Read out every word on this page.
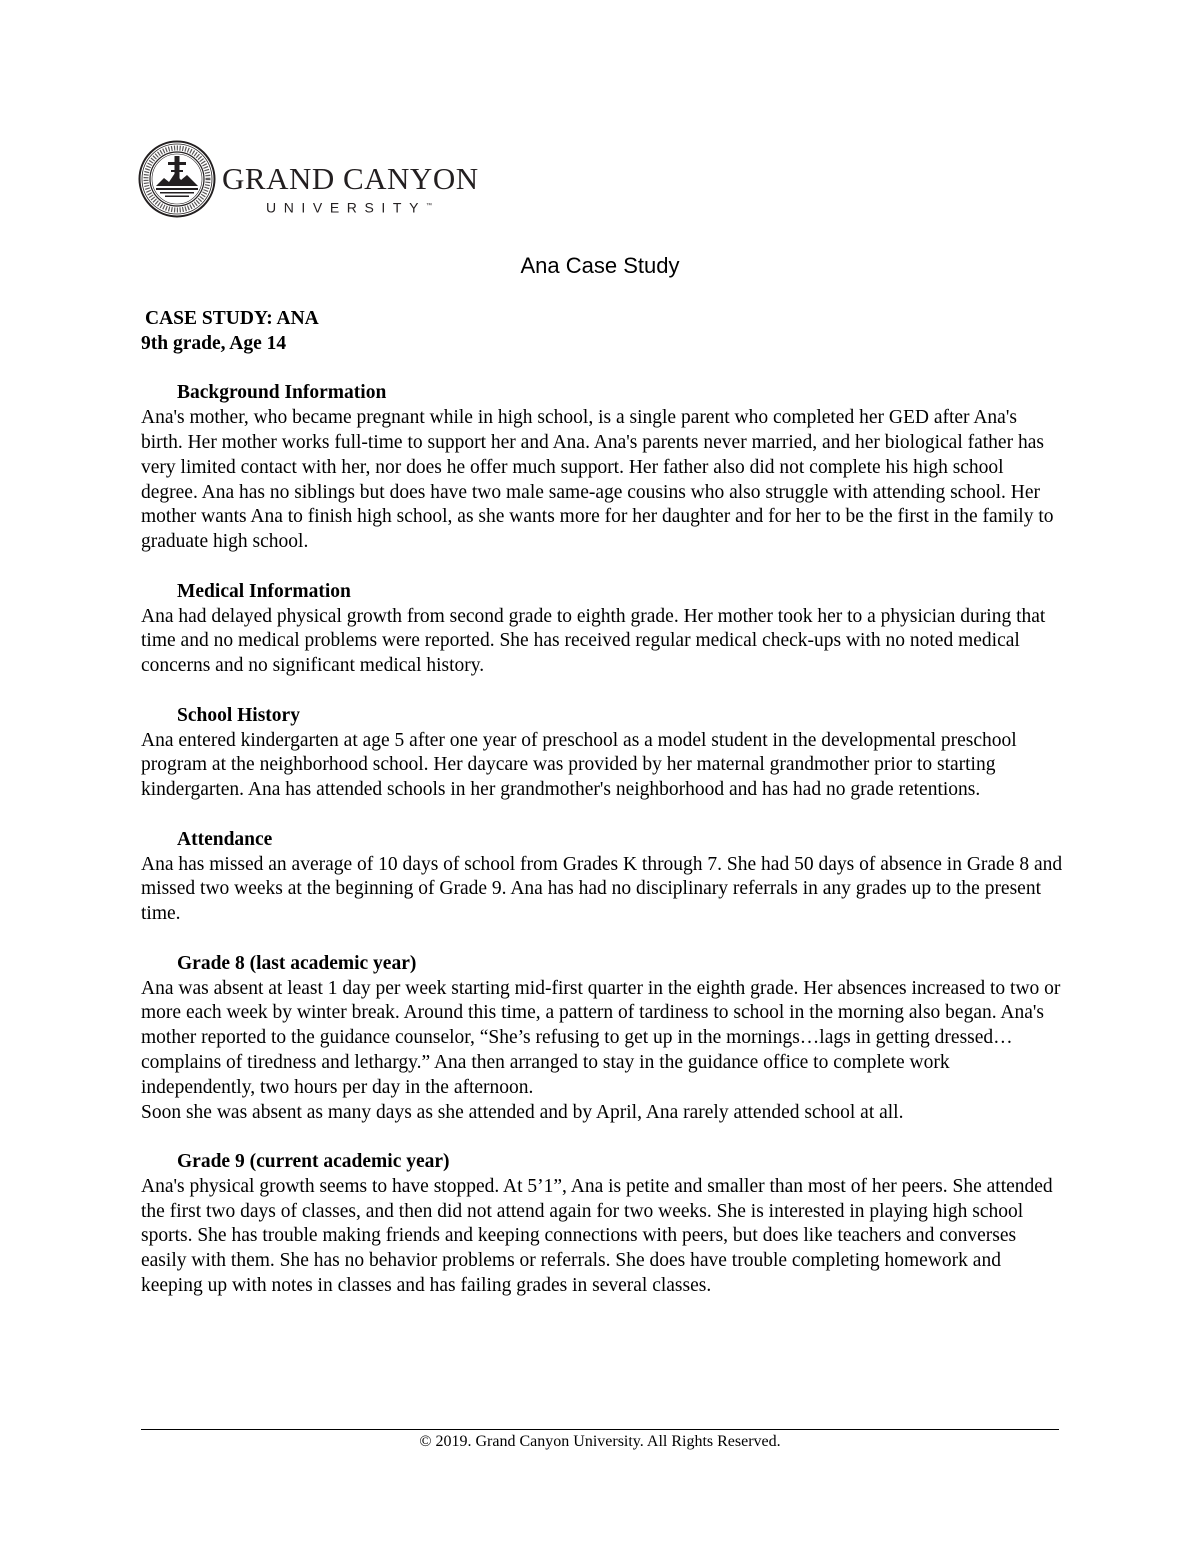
GRAND CANYON
UNIVERSITY™
Ana Case Study

CASE STUDY: ANA

9th grade, Age 14

Background Information

Ana's mother, who became pregnant while in high school, is a single parent who completed her GED after Ana's birth. Her mother works full-time to support her and Ana. Ana's parents never married, and her biological father has very limited contact with her, nor does he offer much support. Her father also did not complete his high school degree. Ana has no siblings but does have two male same-age cousins who also struggle with attending school. Her mother wants Ana to finish high school, as she wants more for her daughter and for her to be the first in the family to graduate high school.

Medical Information

Ana had delayed physical growth from second grade to eighth grade. Her mother took her to a physician during that time and no medical problems were reported. She has received regular medical check-ups with no noted medical concerns and no significant medical history.

School History

Ana entered kindergarten at age 5 after one year of preschool as a model student in the developmental preschool program at the neighborhood school. Her daycare was provided by her maternal grandmother prior to starting kindergarten. Ana has attended schools in her grandmother's neighborhood and has had no grade retentions.

Attendance

Ana has missed an average of 10 days of school from Grades K through 7. She had 50 days of absence in Grade 8 and missed two weeks at the beginning of Grade 9. Ana has had no disciplinary referrals in any grades up to the present time.

Grade 8 (last academic year)

Ana was absent at least 1 day per week starting mid-first quarter in the eighth grade. Her absences increased to two or more each week by winter break. Around this time, a pattern of tardiness to school in the morning also began. Ana's mother reported to the guidance counselor, “She’s refusing to get up in the mornings…lags in getting dressed…complains of tiredness and lethargy.” Ana then arranged to stay in the guidance office to complete work independently, two hours per day in the afternoon.

Soon she was absent as many days as she attended and by April, Ana rarely attended school at all.

Grade 9 (current academic year)

Ana's physical growth seems to have stopped. At 5’1”, Ana is petite and smaller than most of her peers. She attended the first two days of classes, and then did not attend again for two weeks. She is interested in playing high school sports. She has trouble making friends and keeping connections with peers, but does like teachers and converses easily with them. She has no behavior problems or referrals. She does have trouble completing homework and keeping up with notes in classes and has failing grades in several classes.

© 2019. Grand Canyon University. All Rights Reserved.
